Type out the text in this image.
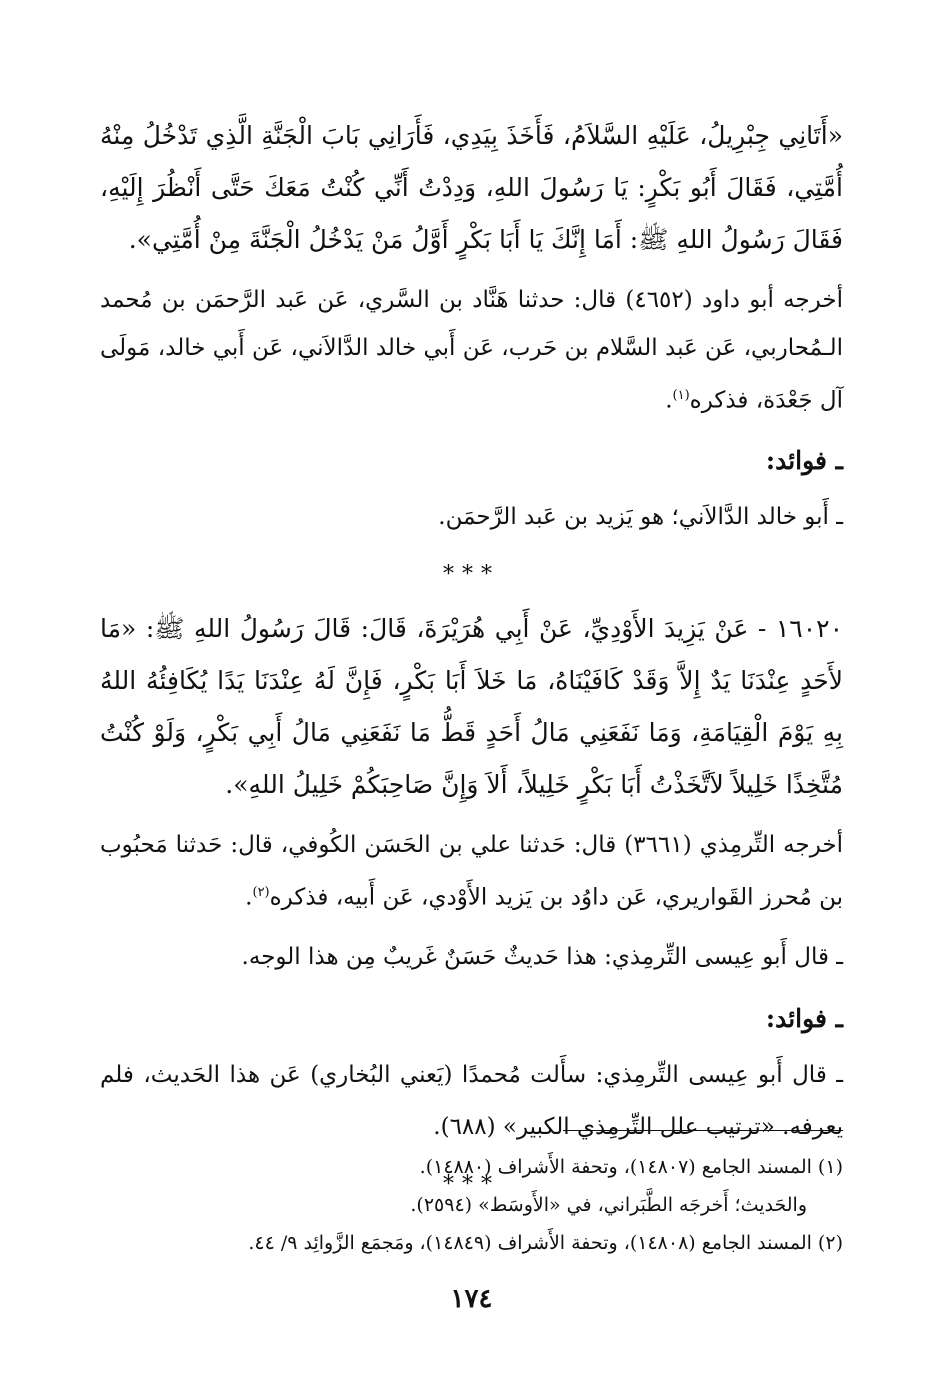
«أَتَانِي جِبْرِيلُ، عَلَيْهِ السَّلاَمُ، فَأَخَذَ بِيَدِي، فَأَرَانِي بَابَ الْجَنَّةِ الَّذِي تَدْخُلُ مِنْهُ أُمَّتِي، فَقَالَ أَبُو بَكْرٍ: يَا رَسُولَ اللهِ، وَدِدْتُ أَنِّي كُنْتُ مَعَكَ حَتَّى أَنْظُرَ إِلَيْهِ، فَقَالَ رَسُولُ اللهِ ﷺ: أَمَا إِنَّكَ يَا أَبَا بَكْرٍ أَوَّلُ مَنْ يَدْخُلُ الْجَنَّةَ مِنْ أُمَّتِي».

أخرجه أبو داود (٤٦٥٢) قال: حدثنا هَنَّاد بن السَّري، عَن عَبد الرَّحمَن بن مُحمد الـمُحاربي، عَن عَبد السَّلام بن حَرب، عَن أَبي خالد الدَّالاَني، عَن أَبي خالد، مَولَى آل جَعْدَة، فذكره$^{(١)}$.

ـ فوائد:

ـ أَبو خالد الدَّالاَني؛ هو يَزيد بن عَبد الرَّحمَن.

***

١٦٠٢٠ - عَنْ يَزِيدَ الأَوْدِيِّ، عَنْ أَبِي هُرَيْرَةَ، قَالَ: قَالَ رَسُولُ اللهِ ﷺ: «مَا لأَحَدٍ عِنْدَنَا يَدٌ إِلاَّ وَقَدْ كَافَيْنَاهُ، مَا خَلاَ أَبَا بَكْرٍ، فَإِنَّ لَهُ عِنْدَنَا يَدًا يُكَافِئُهُ اللهُ بِهِ يَوْمَ الْقِيَامَةِ، وَمَا نَفَعَنِي مَالُ أَحَدٍ قَطُّ مَا نَفَعَنِي مَالُ أَبِي بَكْرٍ، وَلَوْ كُنْتُ مُتَّخِذًا خَلِيلاً لاَتَّخَذْتُ أَبَا بَكْرٍ خَلِيلاً، أَلاَ وَإِنَّ صَاحِبَكُمْ خَلِيلُ اللهِ».

أخرجه التِّرمِذي (٣٦٦١) قال: حَدثنا علي بن الحَسَن الكُوفي، قال: حَدثنا مَحبُوب بن مُحرز القَواريري، عَن داوُد بن يَزيد الأَوْدي، عَن أَبيه، فذكره$^{(٢)}$.

ـ قال أَبو عِيسى التِّرمِذي: هذا حَديثٌ حَسَنٌ غَريبٌ مِن هذا الوجه.

ـ فوائد:

ـ قال أَبو عِيسى التِّرمِذي: سأَلت مُحمدًا (يَعني البُخاري) عَن هذا الحَديث، فلم يعرفه. «ترتيب علل التِّرمِذي الكبير» (٦٨٨).

***
(١) المسند الجامع (١٤٨٠٧)، وتحفة الأَشراف (١٤٨٨٠).
والحَديث؛ أَخرجَه الطَّبَراني، في «الأَوسَط» (٢٥٩٤).
(٢) المسند الجامع (١٤٨٠٨)، وتحفة الأَشراف (١٤٨٤٩)، ومَجمَع الزَّوائِد ٩/ ٤٤.
١٧٤
